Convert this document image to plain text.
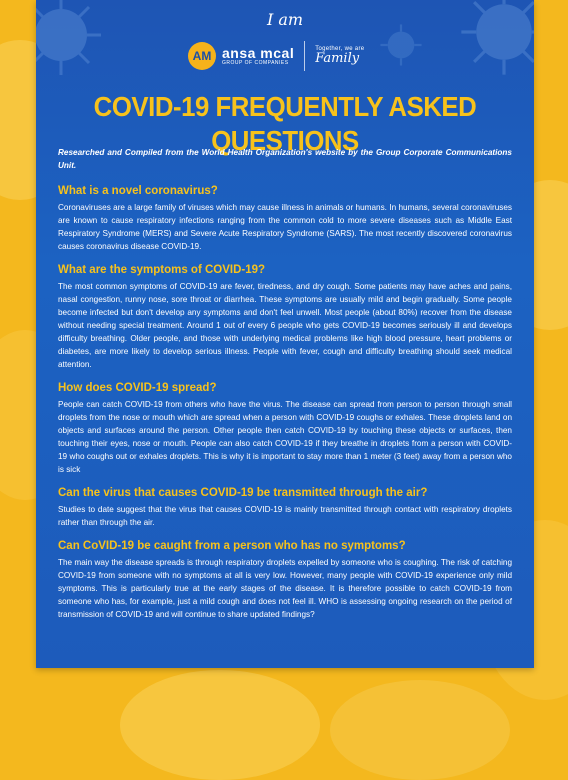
I am
AM ansa mcal
GROUP OF COMPANIES
Together, we are
Family
COVID-19 FREQUENTLY ASKED QUESTIONS

Researched and Compiled from the World Health Organization's website by the Group Corporate Communications Unit.

What is a novel coronavirus?

Coronaviruses are a large family of viruses which may cause illness in animals or humans. In humans, several coronaviruses are known to cause respiratory infections ranging from the common cold to more severe diseases such as Middle East Respiratory Syndrome (MERS) and Severe Acute Respiratory Syndrome (SARS). The most recently discovered coronavirus causes coronavirus disease COVID-19.

What are the symptoms of COVID-19?

The most common symptoms of COVID-19 are fever, tiredness, and dry cough. Some patients may have aches and pains, nasal congestion, runny nose, sore throat or diarrhea. These symptoms are usually mild and begin gradually. Some people become infected but don't develop any symptoms and don't feel unwell. Most people (about 80%) recover from the disease without needing special treatment. Around 1 out of every 6 people who gets COVID-19 becomes seriously ill and develops difficulty breathing. Older people, and those with underlying medical problems like high blood pressure, heart problems or diabetes, are more likely to develop serious illness. People with fever, cough and difficulty breathing should seek medical attention.

How does COVID-19 spread?

People can catch COVID-19 from others who have the virus. The disease can spread from person to person through small droplets from the nose or mouth which are spread when a person with COVID-19 coughs or exhales. These droplets land on objects and surfaces around the person. Other people then catch COVID-19 by touching these objects or surfaces, then touching their eyes, nose or mouth. People can also catch COVID-19 if they breathe in droplets from a person with COVID-19 who coughs out or exhales droplets. This is why it is important to stay more than 1 meter (3 feet) away from a person who is sick

Can the virus that causes COVID-19 be transmitted through the air?

Studies to date suggest that the virus that causes COVID-19 is mainly transmitted through contact with respiratory droplets rather than through the air.

Can CoVID-19 be caught from a person who has no symptoms?

The main way the disease spreads is through respiratory droplets expelled by someone who is coughing. The risk of catching COVID-19 from someone with no symptoms at all is very low. However, many people with COVID-19 experience only mild symptoms. This is particularly true at the early stages of the disease. It is therefore possible to catch COVID-19 from someone who has, for example, just a mild cough and does not feel ill. WHO is assessing ongoing research on the period of transmission of COVID-19 and will continue to share updated findings?
